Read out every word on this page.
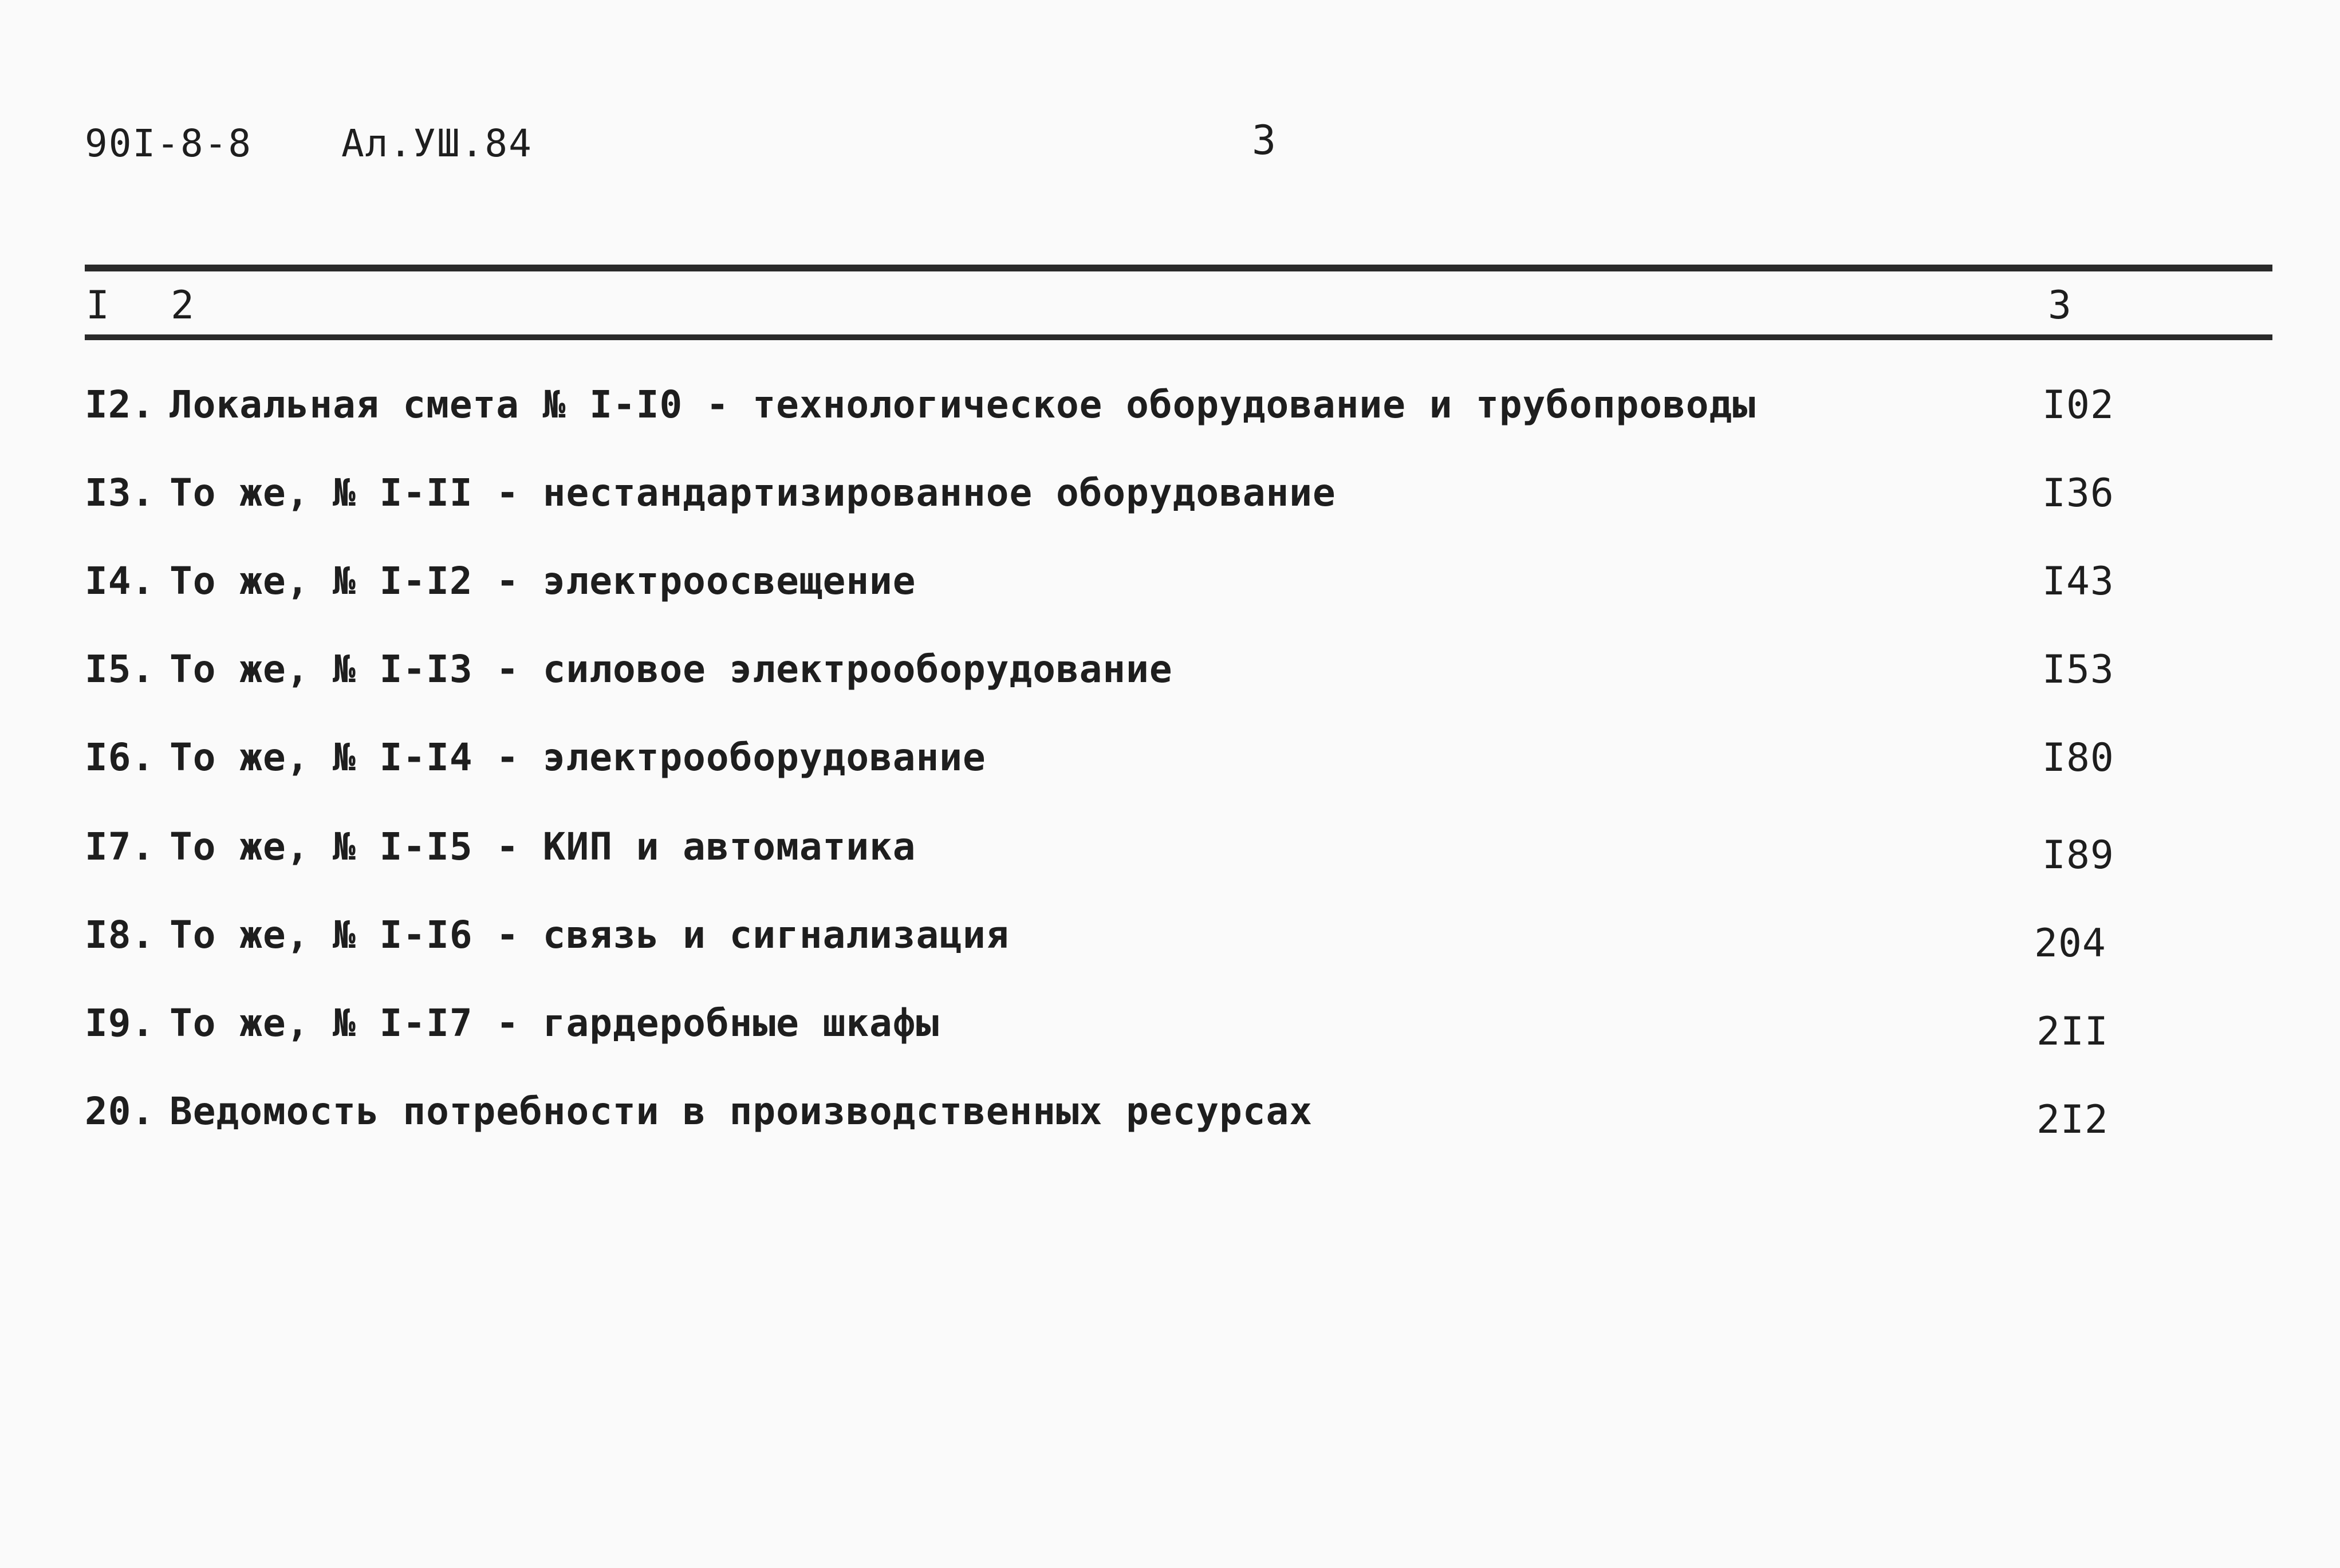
90I-8-8 Ал.УШ.84	3
I 2	3
I2. Локальная смета № I-I0 - технологическое оборудование и трубопроводы	I02
I3. То же, № I-II - нестандартизированное оборудование	I36
I4. То же, № I-I2 - электроосвещение	I43
I5. То же, № I-I3 - силовое электрооборудование	I53
I6. То же, № I-I4 - электрооборудование	I80
I7. То же, № I-I5 - КИП и автоматика	I89
I8. То же, № I-I6 - связь и сигнализация	204
I9. То же, № I-I7 - гардеробные шкафы	2II
20. Ведомость потребности в производственных ресурсах	2I2
